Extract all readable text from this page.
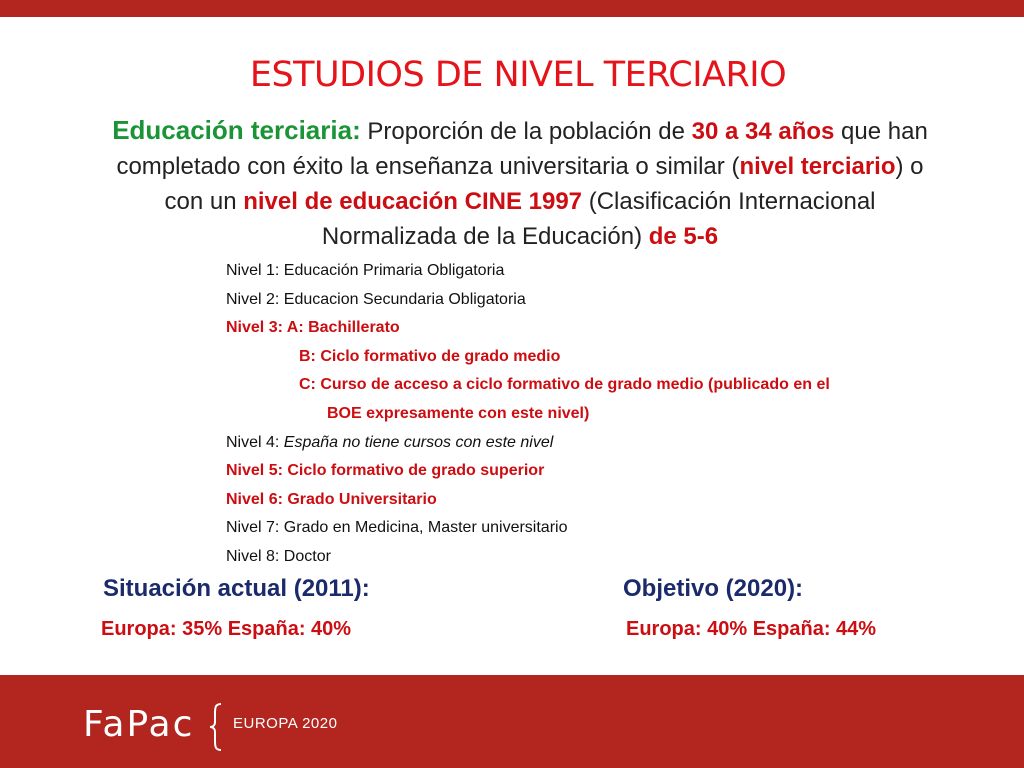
ESTUDIOS DE NIVEL TERCIARIO
Educación terciaria: Proporción de la población de 30 a 34 años que han completado con éxito la enseñanza universitaria o similar (nivel terciario) o con un nivel de educación CINE 1997 (Clasificación Internacional Normalizada de la Educación) de 5-6
Nivel 1: Educación Primaria Obligatoria
Nivel 2: Educacion Secundaria Obligatoria
Nivel 3: A: Bachillerato
B: Ciclo formativo de grado medio
C: Curso de acceso a ciclo formativo de grado medio (publicado en el
BOE expresamente con este nivel)
Nivel 4: España no tiene cursos con este nivel
Nivel 5: Ciclo formativo de grado superior
Nivel 6: Grado Universitario
Nivel 7: Grado en Medicina, Master universitario
Nivel 8: Doctor
Situación actual (2011):
Europa: 35% España: 40%
Objetivo (2020):
Europa: 40% España: 44%
FaPac	EUROPA 2020
